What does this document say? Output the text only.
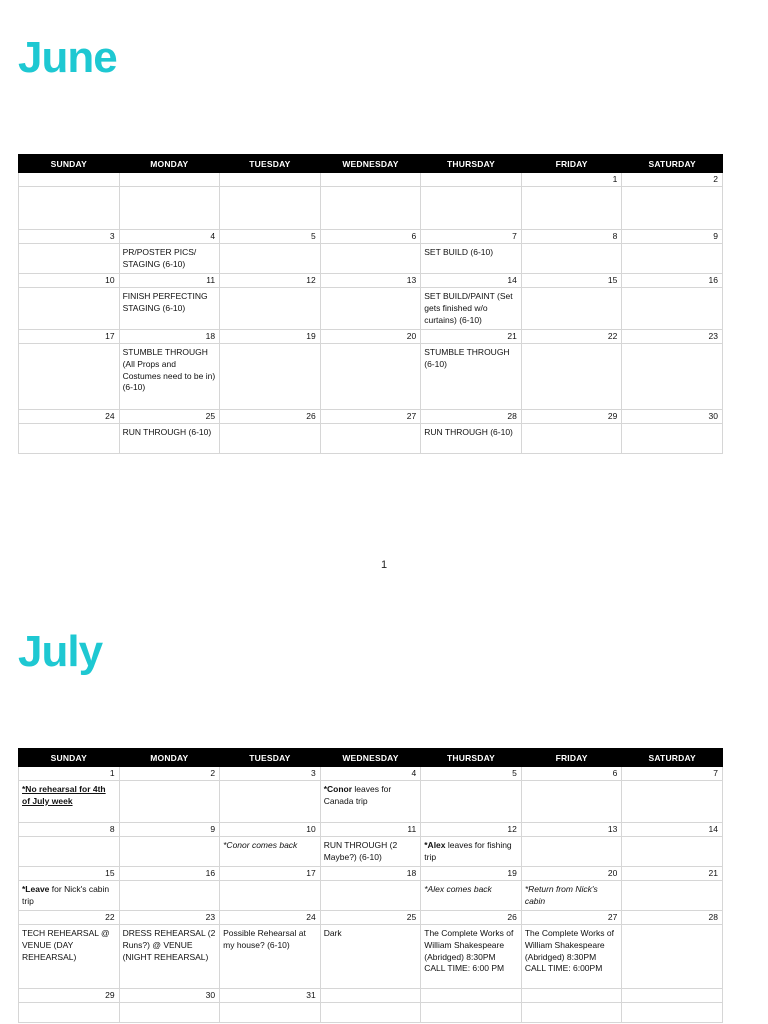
June
SUNDAY	MONDAY	TUESDAY	WEDNESDAY	THURSDAY	FRIDAY	SATURDAY
					1	2

3	4	5	6	7	8	9
	PR/POSTER PICS/ STAGING (6-10)			SET BUILD (6-10)		
10	11	12	13	14	15	16
	FINISH PERFECTING STAGING (6-10)			SET BUILD/PAINT (Set gets finished w/o curtains) (6-10)		
17	18	19	20	21	22	23
	STUMBLE THROUGH (All Props and Costumes need to be in) (6-10)			STUMBLE THROUGH (6-10)		
24	25	26	27	28	29	30
	RUN THROUGH (6-10)			RUN THROUGH (6-10)		
1
July
SUNDAY	MONDAY	TUESDAY	WEDNESDAY	THURSDAY	FRIDAY	SATURDAY
1	2	3	4	5	6	7
*No rehearsal for 4th of July week			*Conor leaves for Canada trip			
8	9	10	11	12	13	14
		*Conor comes back	RUN THROUGH (2 Maybe?) (6-10)	*Alex leaves for fishing trip		
15	16	17	18	19	20	21
*Leave for Nick's cabin trip				*Alex comes back	*Return from Nick's cabin	
22	23	24	25	26	27	28
TECH REHEARSAL @ VENUE (DAY REHEARSAL)	DRESS REHEARSAL (2 Runs?) @ VENUE (NIGHT REHEARSAL)	Possible Rehearsal at my house? (6-10)	Dark	The Complete Works of William Shakespeare (Abridged) 8:30PM CALL TIME: 6:00 PM	The Complete Works of William Shakespeare (Abridged) 8:30PM CALL TIME: 6:00PM	
29	30	31				
